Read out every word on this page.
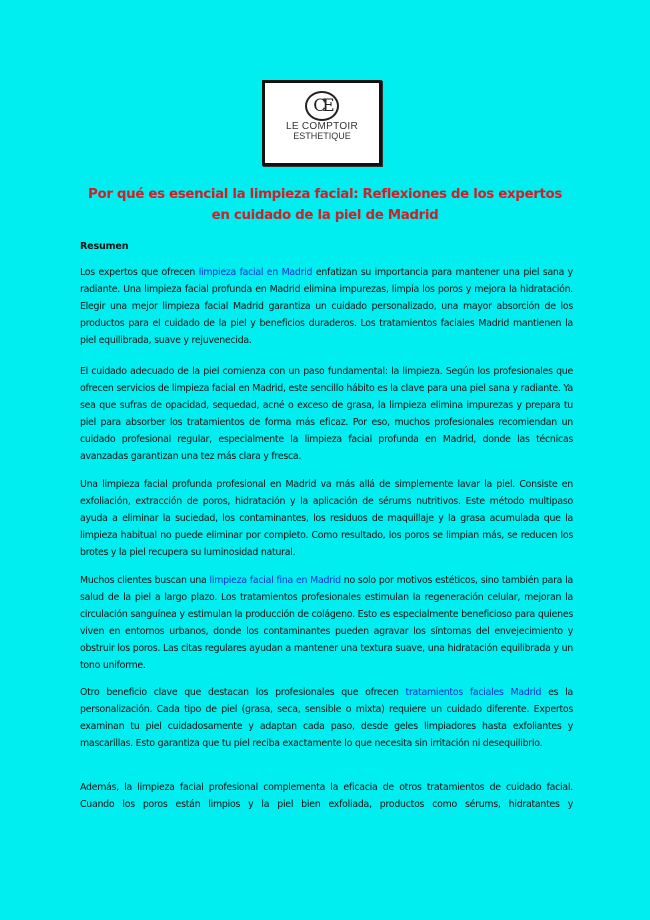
CE
LE COMPTOIR
ESTHETIQUE
Por qué es esencial la limpieza facial: Reflexiones de los expertos en cuidado de la piel de Madrid
Resumen

Los expertos que ofrecen limpieza facial en Madrid enfatizan su importancia para mantener una piel sana y radiante. Una limpieza facial profunda en Madrid elimina impurezas, limpia los poros y mejora la hidratación. Elegir una mejor limpieza facial Madrid garantiza un cuidado personalizado, una mayor absorción de los productos para el cuidado de la piel y beneficios duraderos. Los tratamientos faciales Madrid mantienen la piel equilibrada, suave y rejuvenecida.

El cuidado adecuado de la piel comienza con un paso fundamental: la limpieza. Según los profesionales que ofrecen servicios de limpieza facial en Madrid, este sencillo hábito es la clave para una piel sana y radiante. Ya sea que sufras de opacidad, sequedad, acné o exceso de grasa, la limpieza elimina impurezas y prepara tu piel para absorber los tratamientos de forma más eficaz. Por eso, muchos profesionales recomiendan un cuidado profesional regular, especialmente la limpieza facial profunda en Madrid, donde las técnicas avanzadas garantizan una tez más clara y fresca.

Una limpieza facial profunda profesional en Madrid va más allá de simplemente lavar la piel. Consiste en exfoliación, extracción de poros, hidratación y la aplicación de sérums nutritivos. Este método multipaso ayuda a eliminar la suciedad, los contaminantes, los residuos de maquillaje y la grasa acumulada que la limpieza habitual no puede eliminar por completo. Como resultado, los poros se limpian más, se reducen los brotes y la piel recupera su luminosidad natural.

Muchos clientes buscan una limpieza facial fina en Madrid no solo por motivos estéticos, sino también para la salud de la piel a largo plazo. Los tratamientos profesionales estimulan la regeneración celular, mejoran la circulación sanguínea y estimulan la producción de colágeno. Esto es especialmente beneficioso para quienes viven en entornos urbanos, donde los contaminantes pueden agravar los síntomas del envejecimiento y obstruir los poros. Las citas regulares ayudan a mantener una textura suave, una hidratación equilibrada y un tono uniforme.

Otro beneficio clave que destacan los profesionales que ofrecen tratamientos faciales Madrid es la personalización. Cada tipo de piel (grasa, seca, sensible o mixta) requiere un cuidado diferente. Expertos examinan tu piel cuidadosamente y adaptan cada paso, desde geles limpiadores hasta exfoliantes y mascarillas. Esto garantiza que tu piel reciba exactamente lo que necesita sin irritación ni desequilibrio.

Además, la limpieza facial profesional complementa la eficacia de otros tratamientos de cuidado facial. Cuando los poros están limpios y la piel bien exfoliada, productos como sérums, hidratantes y
